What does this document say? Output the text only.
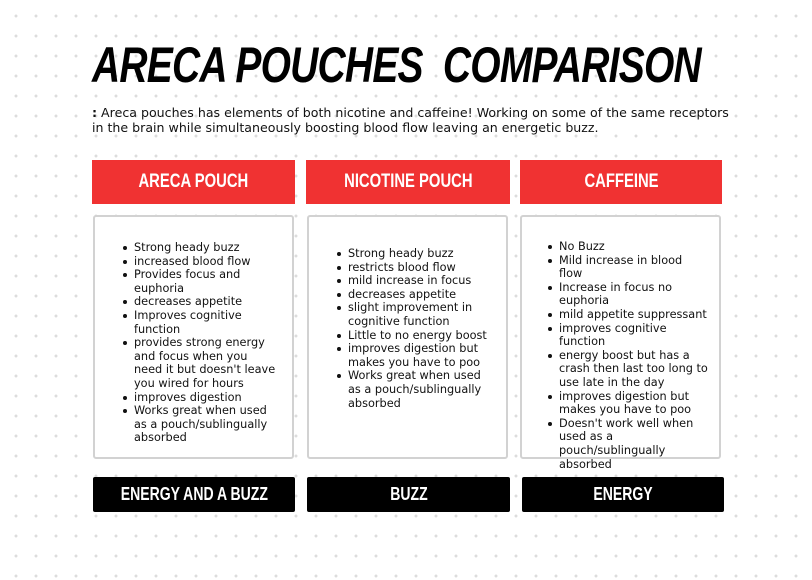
ARECA POUCHES  COMPARISON

: Areca pouches has elements of both nicotine and caffeine! Working on some of the same receptors in the brain while simultaneously boosting blood flow leaving an energetic buzz.

ARECA POUCH
Strong heady buzz
increased blood flow
Provides focus and euphoria
decreases appetite
Improves cognitive function
provides strong energy and focus when you need it but doesn't leave you wired for hours
improves digestion
Works great when used as a pouch/sublingually absorbed
ENERGY AND A BUZZ
NICOTINE POUCH
Strong heady buzz
restricts blood flow
mild increase in focus
decreases appetite
slight improvement in cognitive function
Little to no energy boost
improves digestion but makes you have to poo
Works great when used as a pouch/sublingually absorbed
BUZZ
CAFFEINE
No Buzz
Mild increase in blood flow
Increase in focus no euphoria
mild appetite suppressant
improves cognitive function
energy boost but has a crash then last too long to use late in the day
improves digestion but makes you have to poo
Doesn't work well when used as a pouch/sublingually absorbed
ENERGY
